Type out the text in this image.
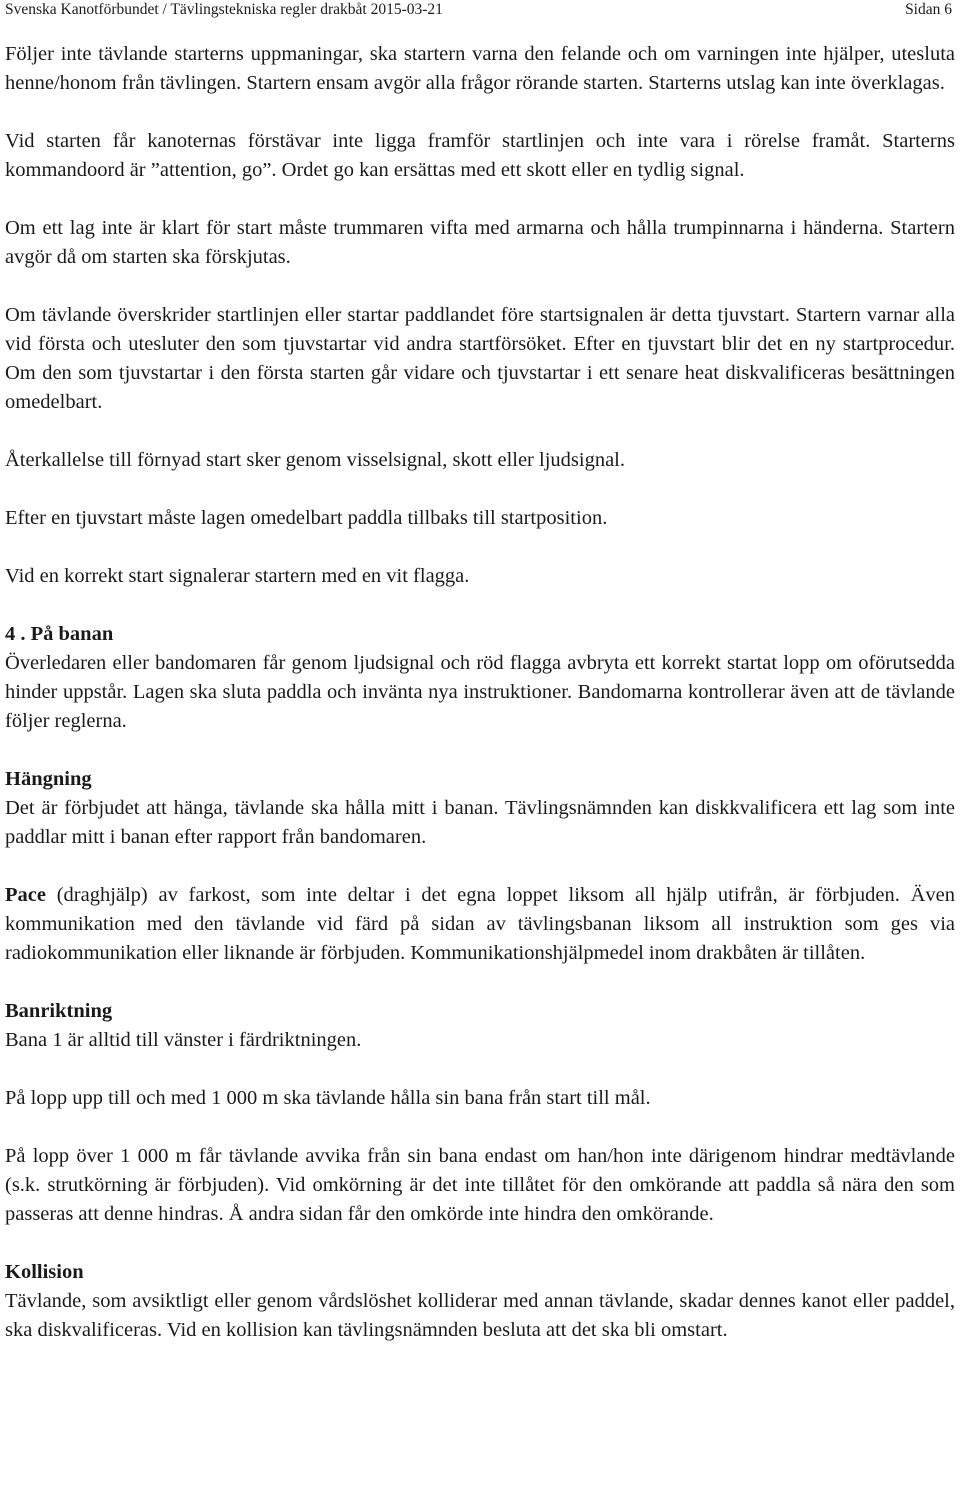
Svenska Kanotförbundet / Tävlingstekniska regler drakbåt 2015-03-21	Sidan 6

Följer inte tävlande starterns uppmaningar, ska startern varna den felande och om varningen inte hjälper, utesluta henne/honom från tävlingen. Startern ensam avgör alla frågor rörande starten. Starterns utslag kan inte överklagas.

Vid starten får kanoternas förstävar inte ligga framför startlinjen och inte vara i rörelse framåt. Starterns kommandoord är ”attention, go”. Ordet go kan ersättas med ett skott eller en tydlig signal.

Om ett lag inte är klart för start måste trummaren vifta med armarna och hålla trumpinnarna i händerna. Startern avgör då om starten ska förskjutas.

Om tävlande överskrider startlinjen eller startar paddlandet före startsignalen är detta tjuvstart. Startern varnar alla vid första och utesluter den som tjuvstartar vid andra startförsöket. Efter en tjuvstart blir det en ny startprocedur. Om den som tjuvstartar i den första starten går vidare och tjuvstartar i ett senare heat diskvalificeras besättningen omedelbart.

Återkallelse till förnyad start sker genom visselsignal, skott eller ljudsignal.

Efter en tjuvstart måste lagen omedelbart paddla tillbaks till startposition.

Vid en korrekt start signalerar startern med en vit flagga.

4 . På banan

Överledaren eller bandomaren får genom ljudsignal och röd flagga avbryta ett korrekt startat lopp om oförutsedda hinder uppstår. Lagen ska sluta paddla och invänta nya instruktioner. Bandomarna kontrollerar även att de tävlande följer reglerna.

Hängning

Det är förbjudet att hänga, tävlande ska hålla mitt i banan. Tävlingsnämnden kan diskkvalificera ett lag som inte paddlar mitt i banan efter rapport från bandomaren.

Pace (draghjälp) av farkost, som inte deltar i det egna loppet liksom all hjälp utifrån, är förbjuden. Även kommunikation med den tävlande vid färd på sidan av tävlingsbanan liksom all instruktion som ges via radiokommunikation eller liknande är förbjuden. Kommunikationshjälpmedel inom drakbåten är tillåten.

Banriktning

Bana 1 är alltid till vänster i färdriktningen.

På lopp upp till och med 1 000 m ska tävlande hålla sin bana från start till mål.

På lopp över 1 000 m får tävlande avvika från sin bana endast om han/hon inte därigenom hindrar medtävlande (s.k. strutkörning är förbjuden). Vid omkörning är det inte tillåtet för den omkörande att paddla så nära den som passeras att denne hindras. Å andra sidan får den omkörde inte hindra den omkörande.

Kollision

Tävlande, som avsiktligt eller genom vårdslöshet kolliderar med annan tävlande, skadar dennes kanot eller paddel, ska diskvalificeras. Vid en kollision kan tävlingsnämnden besluta att det ska bli omstart.
